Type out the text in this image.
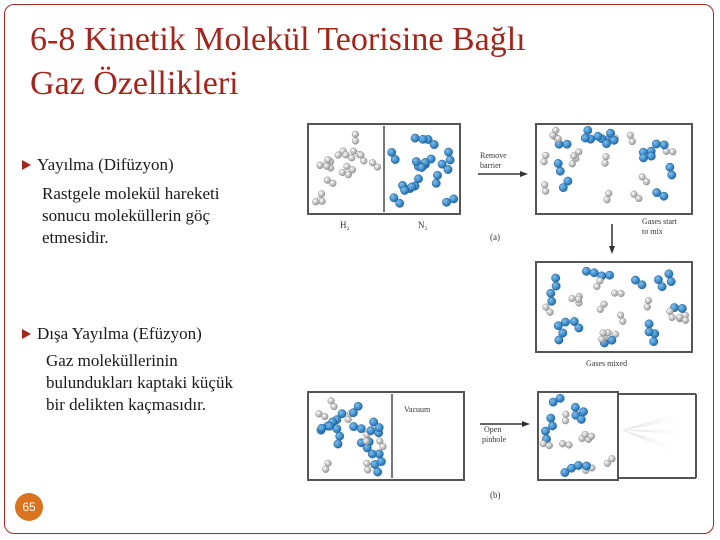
6-8 Kinetik Molekül Teorisine Bağlı
Gaz Özellikleri
Yayılma (Difüzyon)
Rastgele molekül hareketi
sonucu moleküllerin göç
etmesidir.
Dışa Yayılma (Efüzyon)
Gaz moleküllerinin
bulundukları kaptaki küçük
bir delikten kaçmasıdır.
65
H₂	N₂
Remove
barrier
Gases start
to mix
(a)
Gases mixed
Vacuum
Open
pinhole
(b)
